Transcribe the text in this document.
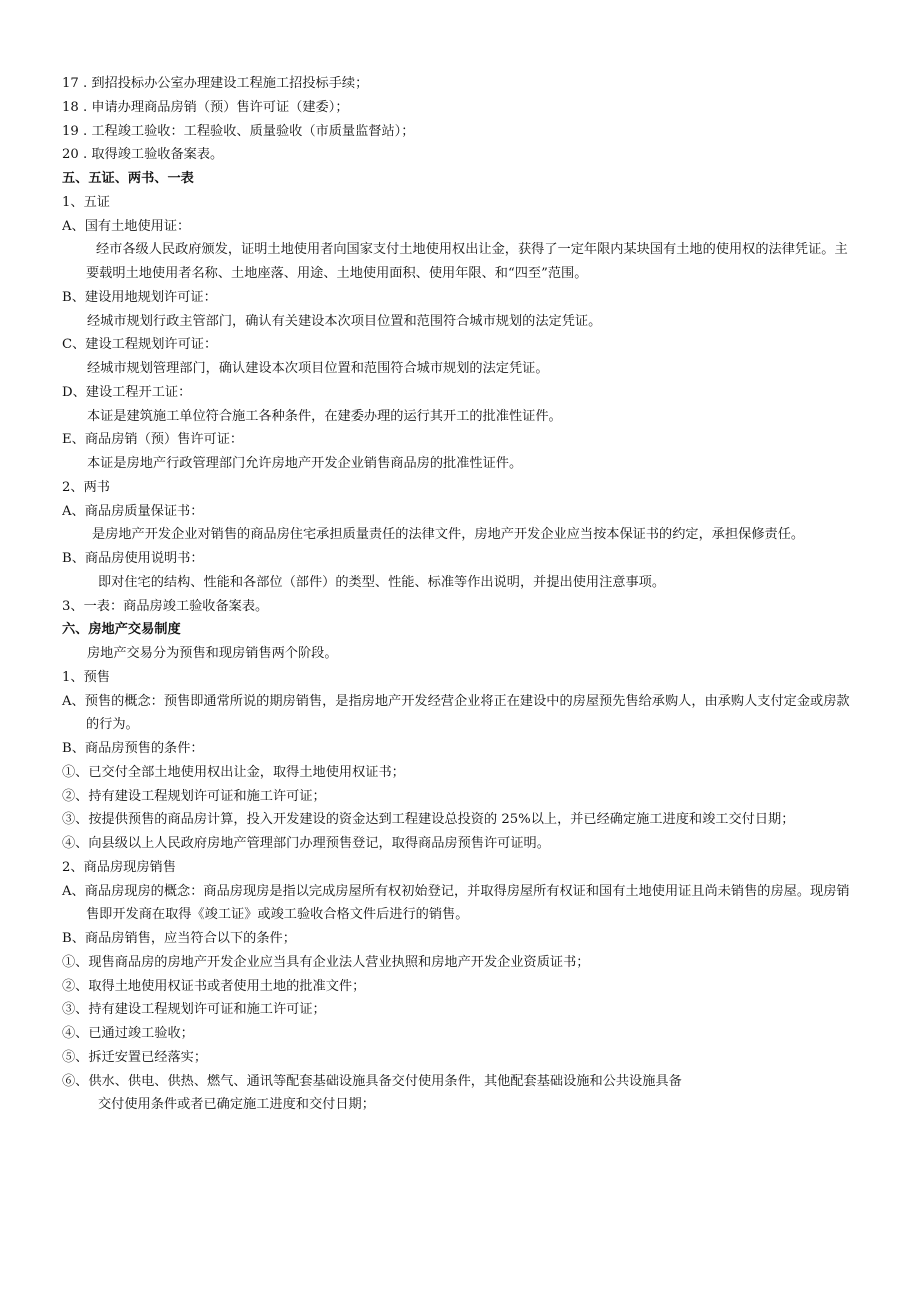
17 . 到招投标办公室办理建设工程施工招投标手续；
18 . 申请办理商品房销（预）售许可证（建委）；
19 . 工程竣工验收：工程验收、质量验收（市质量监督站）；
20 . 取得竣工验收备案表。
五、五证、两书、一表
1、五证
A、国有土地使用证：
经市各级人民政府颁发，证明土地使用者向国家支付土地使用权出让金，获得了一定年限内某块国有土地的使用权的法律凭证。主要载明土地使用者名称、土地座落、用途、土地使用面积、使用年限、和“四至”范围。
B、建设用地规划许可证：
经城市规划行政主管部门，确认有关建设本次项目位置和范围符合城市规划的法定凭证。
C、建设工程规划许可证：
经城市规划管理部门，确认建设本次项目位置和范围符合城市规划的法定凭证。
D、建设工程开工证：
本证是建筑施工单位符合施工各种条件，在建委办理的运行其开工的批准性证件。
E、商品房销（预）售许可证：
本证是房地产行政管理部门允许房地产开发企业销售商品房的批准性证件。
2、两书
A、商品房质量保证书：
是房地产开发企业对销售的商品房住宅承担质量责任的法律文件，房地产开发企业应当按本保证书的约定，承担保修责任。
B、商品房使用说明书：
即对住宅的结构、性能和各部位（部件）的类型、性能、标准等作出说明，并提出使用注意事项。
3、一表：商品房竣工验收备案表。
六、房地产交易制度
房地产交易分为预售和现房销售两个阶段。
1、预售
A、预售的概念：预售即通常所说的期房销售，是指房地产开发经营企业将正在建设中的房屋预先售给承购人，由承购人支付定金或房款的行为。
B、商品房预售的条件：
①、已交付全部土地使用权出让金，取得土地使用权证书；
②、持有建设工程规划许可证和施工许可证；
③、按提供预售的商品房计算，投入开发建设的资金达到工程建设总投资的 25%以上，并已经确定施工进度和竣工交付日期；
④、向县级以上人民政府房地产管理部门办理预售登记，取得商品房预售许可证明。
2、商品房现房销售
A、商品房现房的概念：商品房现房是指以完成房屋所有权初始登记，并取得房屋所有权证和国有土地使用证且尚未销售的房屋。现房销售即开发商在取得《竣工证》或竣工验收合格文件后进行的销售。
B、商品房销售，应当符合以下的条件；
①、现售商品房的房地产开发企业应当具有企业法人营业执照和房地产开发企业资质证书；
②、取得土地使用权证书或者使用土地的批准文件；
③、持有建设工程规划许可证和施工许可证；
④、已通过竣工验收；
⑤、拆迁安置已经落实；
⑥、供水、供电、供热、燃气、通讯等配套基础设施具备交付使用条件，其他配套基础设施和公共设施具备
交付使用条件或者已确定施工进度和交付日期；
